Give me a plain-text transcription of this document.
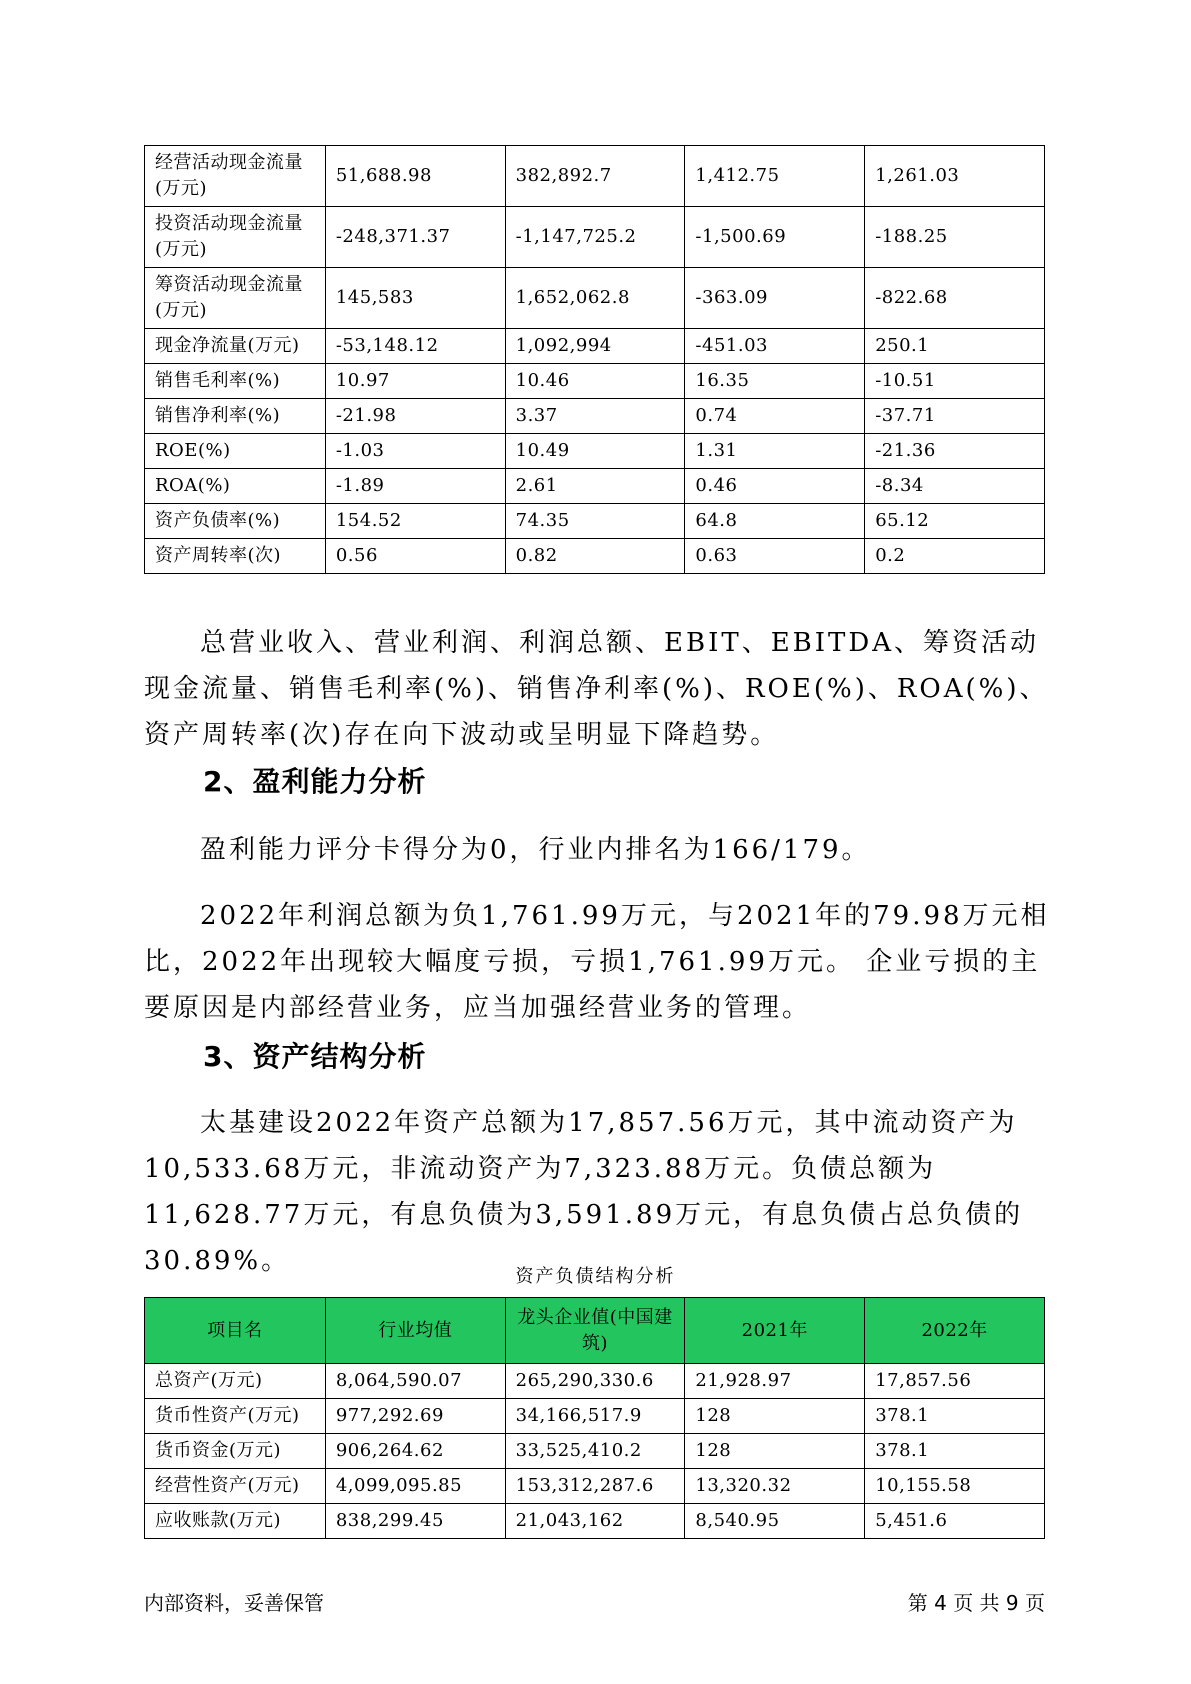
经营活动现金流量(万元)	51,688.98	382,892.7	1,412.75	1,261.03
投资活动现金流量(万元)	-248,371.37	-1,147,725.2	-1,500.69	-188.25
筹资活动现金流量(万元)	145,583	1,652,062.8	-363.09	-822.68
现金净流量(万元)	-53,148.12	1,092,994	-451.03	250.1
销售毛利率(%)	10.97	10.46	16.35	-10.51
销售净利率(%)	-21.98	3.37	0.74	-37.71
ROE(%)	-1.03	10.49	1.31	-21.36
ROA(%)	-1.89	2.61	0.46	-8.34
资产负债率(%)	154.52	74.35	64.8	65.12
资产周转率(次)	0.56	0.82	0.63	0.2

总营业收入、营业利润、利润总额、EBIT、EBITDA、筹资活动现金流量、销售毛利率(%)、销售净利率(%)、ROE(%)、ROA(%)、资产周转率(次)存在向下波动或呈明显下降趋势。

2、盈利能力分析

盈利能力评分卡得分为0，行业内排名为166/179。

2022年利润总额为负1,761.99万元，与2021年的79.98万元相比，2022年出现较大幅度亏损，亏损1,761.99万元。 企业亏损的主要原因是内部经营业务，应当加强经营业务的管理。

3、资产结构分析

太基建设2022年资产总额为17,857.56万元，其中流动资产为10,533.68万元，非流动资产为7,323.88万元。负债总额为11,628.77万元，有息负债为3,591.89万元，有息负债占总负债的30.89%。

资产负债结构分析
项目名	行业均值	龙头企业值(中国建筑)	2021年	2022年
总资产(万元)	8,064,590.07	265,290,330.6	21,928.97	17,857.56
货币性资产(万元)	977,292.69	34,166,517.9	128	378.1
货币资金(万元)	906,264.62	33,525,410.2	128	378.1
经营性资产(万元)	4,099,095.85	153,312,287.6	13,320.32	10,155.58
应收账款(万元)	838,299.45	21,043,162	8,540.95	5,451.6
内部资料，妥善保管	第 4 页 共 9 页
